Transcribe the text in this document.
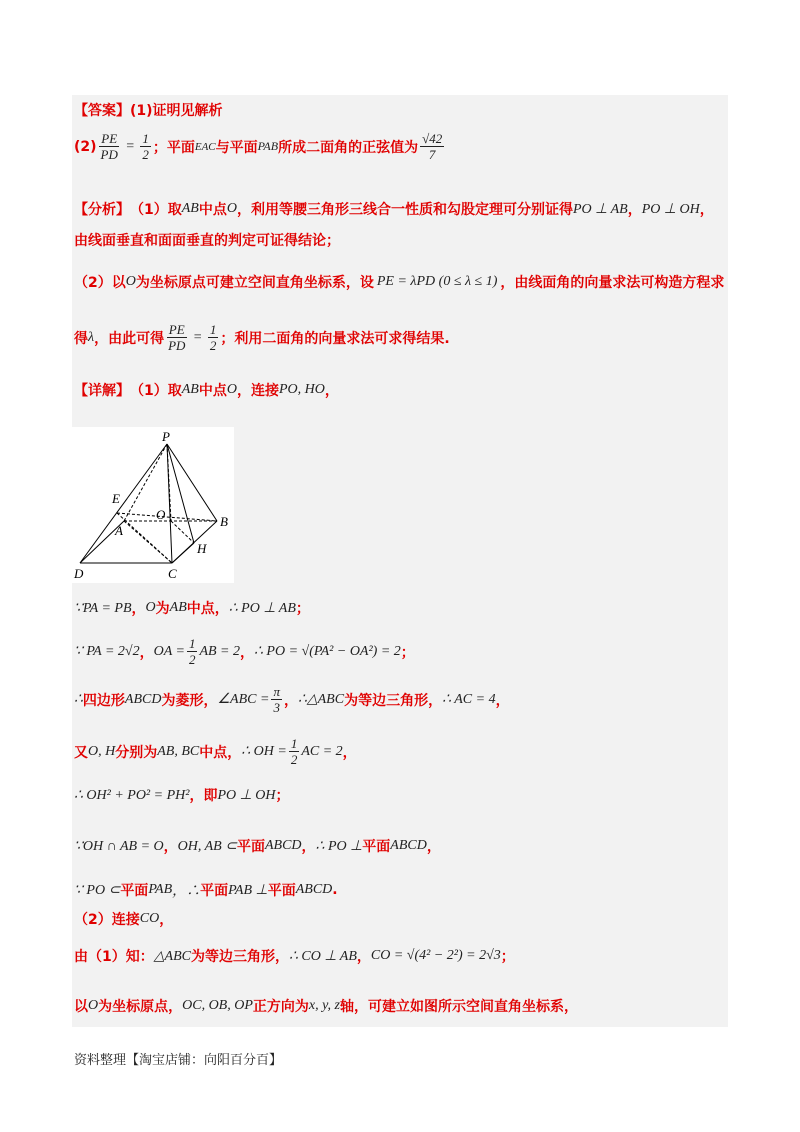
【答案】 (1)证明见解析
$(2) \frac{PE}{PD} = \frac{1}{2}$ ；平面 EAC 与平面 PAB 所成二面角的正弦值为 $\frac{√42}{7}$
【分析】 （1）取 AB 中点 O ，利用等腰三角形三线合一性质和勾股定理可分别证得 PO ⊥ AB ， PO ⊥ OH ，
由线面垂直和面面垂直的判定可证得结论；
（2）以 O 为坐标原点可建立空间直角坐标系，设 PE = λPD (0 ≤ λ ≤ 1) ，由线面角的向量求法可构造方程求
得 λ ，由此可得 $\frac{PE}{PD} = \frac{1}{2}$ ；利用二面角的向量求法可求得结果.
【详解】 （1）取 AB 中点 O ，连接 PO, HO ，
P
E
O
A
B
H
D	C
∵PA = PB ， O 为 AB 中点， ∴ PO ⊥ AB ；
∵ PA = 2√2 ， OA = $\frac{1}{2}$ AB = 2 ， ∴ PO = √(PA² − OA²) = 2 ；
∴ 四边形 ABCD 为菱形， ∠ABC = $\frac{\pi}{3}$ ， ∴△ABC 为等边三角形， ∴ AC = 4 ，
又 O, H 分别为 AB, BC 中点， ∴ OH = $\frac{1}{2}$ AC = 2 ，
∴ OH² + PO² = PH² ，即 PO ⊥ OH ；
∵OH ∩ AB = O ， OH, AB ⊂ 平面 ABCD ， ∴ PO ⊥ 平面 ABCD ，
∵ PO ⊂ 平面 PAB ，∴ 平面 PAB ⊥ 平面 ABCD .
（2）连接 CO ，
由（1）知： △ABC 为等边三角形， ∴ CO ⊥ AB ， CO = √(4² − 2²) = 2√3 ；
以 O 为坐标原点， OC, OB, OP 正方向为 x, y, z 轴，可建立如图所示空间直角坐标系，
资料整理【淘宝店铺：向阳百分百】
